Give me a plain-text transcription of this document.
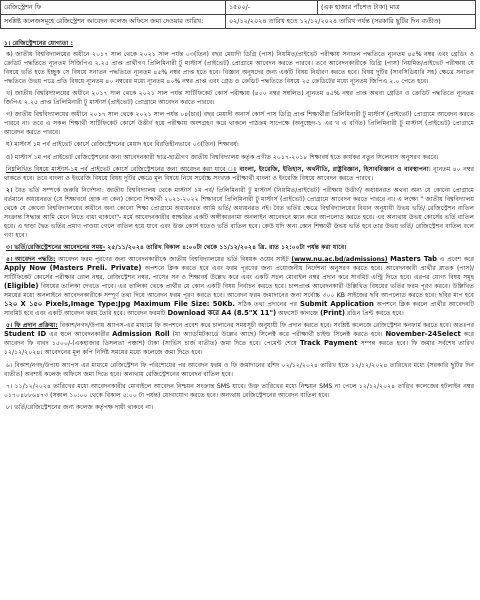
রেজিস্ট্রেশন ফি	১৫০০/-	(এক হাজার পাঁচশত টাকা) মাত্র
সংশ্লিষ্ট কলেজসমূহে রেজিস্ট্রেশন আবেদন কলেজ অফিসে জমা দেওয়ার তারিখ:	০২/১২/২০২৪ তারিখ হতে ১২/১২/২০২৪ তারিখ পর্যন্ত (সরকারি ছুটির দিন ব্যতীত)	
১। রেজিস্ট্রেশনের যোগ্যতা :
ক) জাতীয় বিশ্ববিদ্যালয়ের অধীনে ২০১৭ সাল থেকে ২০২১ সাল পর্যন্ত ০৩(তিন) বছর মেয়াদী ডিগ্রি (পাস) নিয়মিত/প্রাইভেট পরীক্ষায় সনাতন পদ্ধতিতে ন্যূনতম ৪৫% নম্বর এবং গ্রেডিং ও ক্রেডিট পদ্ধতিতে ন্যূনতম সিজিপিএ ২.২৫ প্রাপ্ত প্রার্থীগণ প্রিলিমিনারী টু মাস্টার্স (প্রাইভেট) প্রোগ্রামে আবেদন করতে পারবে। তবে আবেদনকারীকে ডিগ্রি (পাস) নিয়মিত/প্রাইভেট পরীক্ষায় যে বিষয়ে ভর্তি হতে ইচ্ছুক সে বিষয়ে সনাতন পদ্ধতিতে ন্যূনতম ৪৫% নম্বর প্রাপ্ত হতে হবে। বিজ্ঞান অনুষদের জন্য একটি বিষয় নির্ধারণ করতে হবে। বিষয় দুটির (সাবসিডিয়ারি সহ) ক্ষেত্রে সনাতন পদ্ধতিতে উভয় পত্রে প্রতি বিষয়ে ন্যূনতম ৪০ নম্বরের মধ্যে ন্যূনতম ৪০% নম্বর প্রাপ্ত এবং গ্রেড ও ক্রেডিট পদ্ধতিতে বিষয়ে ২৫ ক্রেডিটের মধ্যে ন্যূনতম জিপিএ ২.০ পেতে হবে।
খ) জাতীয় বিশ্ববিদ্যালয়ের অধীনে ২০১৭ সাল থেকে ২০২১ সাল পর্যন্ত সার্টিফিকেট কোর্স পরীক্ষায় (৪০০ নম্বর সম্বলিত) ন্যূনতম ৪৫% নম্বর প্রাপ্ত অথবা গ্রেডিং ও ক্রেডিট পদ্ধতিতে ন্যূনতম জিপিএ ২.২৫ প্রাপ্ত প্রিলিমিনারী টু মাস্টার্স (প্রাইভেট) প্রোগ্রামে আবেদন করতে পারবে।
গ) জাতীয় বিশ্ববিদ্যালয়ের অধীনে ২০১৭ সাল থেকে ২০২১ সাল পর্যন্ত ০৪(চার) বছর মেয়াদী অনার্স কোর্স পাস ডিগ্রি প্রাপ্ত শিক্ষার্থীরা প্রিলিমিনারী টু মাস্টার্স (প্রাইভেট) প্রোগ্রামে আবেদন করতে পারবে না। তবে এ সকল শিক্ষার্থী সার্টিফিকেট কোর্সে উত্তীর্ণ হয়ে পরীক্ষায় অংশগ্রহণ করে থাকলে পাঠক্রম সাপেক্ষে (অনুচ্ছেদ-১ এর খ এ বর্ণিত) প্রিলিমিনারী টু মাস্টার্স (প্রাইভেট) প্রোগ্রামে আবেদন করতে পারবে।
ঘ) মাস্টার্স ১ম পর্ব প্রাইভেট কোর্সে রেজিস্ট্রেশনের মেয়াদ হবে বিরতিহীনভাবে ০৩(তিন) শিক্ষাবর্ষ।
ঙ) মাস্টার্স ১ম পর্ব প্রাইভেট রেজিস্ট্রেশনের জন্য আবেদনকারী ছাত্র-ছাত্রীগণ জাতীয় বিশ্ববিদ্যালয় কর্তৃক প্রণীত ২০১৭-২০১৮ শিক্ষাবর্ষ হতে কার্যকর নতুন সিলেবাস অনুসরণ করবে।
নিম্নলিখিত বিষয়ে মাস্টার্স-১ম পর্ব প্রাইভেট কোর্সে রেজিস্ট্রেশনের জন্য আবেদন করা যাবে ঃ বাংলা, ইংরেজি, ইতিহাস, অর্থনীতি, রাষ্ট্রবিজ্ঞান, হিসাববিজ্ঞান ও ব্যবস্থাপনা। ন্যূনতম ৪০ নম্বর থাকতে হবে। তবে বাংলা ও ইংরেজি বিষয়ে বিষয় দুটির ক্ষেত্রে মূল বিষয়ে নিয়ে সর্বোচ্চ সংখ্যক পরীক্ষার্থী বাংলা ও ইংরেজি বিষয়ে আবেদন করতে পারবে।
২। বৈত ভর্তি সম্পর্কে জরুরি নির্দেশনা: জাতীয় বিশ্ববিদ্যালয় থেকে মাস্টার্স ১ম পর্ব/ প্রিলিমিনারী টু মাস্টার্স (নিয়মিত/প্রাইভেট) পরীক্ষায় উত্তীর্ণ/ অধ্যয়নরত অথবা অন্য যে কোনো প্রোগ্রামে বর্তমানে অধ্যয়নরত (যে শিক্ষাবর্ষে হোক না কেন) কোনো শিক্ষার্থী ২০২১-২০২২ শিক্ষাবর্ষে প্রিলিমিনারী টু মাস্টার্স (প্রাইভেট) প্রোগ্রামে আবেদন করতে পারবে না। এ লক্ষ্যে " জাতীয় বিশ্ববিদ্যালয় থেকে যে কোনো বিশ্ববিদ্যালয়ের অধীনে অন্য কোনো শিক্ষা প্রোগ্রামে অধ্যয়নরত আমি ভর্তি/ অধ্যয়নরত নই। বৈত ভর্তির ক্ষেত্রে বিশ্ববিদ্যালয়ের বিধান অনুযায়ী উভয় ভর্তি/ রেজিস্ট্রেশন বাতিল সংক্রান্ত সিদ্ধান্ত আমি মেনে নিতে বাধ্য থাকবো"- মর্মে আবেদনকারীর স্বাক্ষরিত একটি অঙ্গীকারনামা অনলাইন আবেদনে স্ক্যান করে আপলোড করতে হবে। এর অন্যথায় উভয় কোর্সের ভর্তি বাতিল হবে। এ ছাড়া দ্বৈত ভর্তির প্রমাণ পাওয়া গেলে বাতিল হয়ে যাবে এবং উক্ত কোর্স হতেও ভর্তি বাতিল হবে। কেউ যদি অন্য কোন শিক্ষার্থী উভয় ভর্তি হবে তার উভয় ভর্তি/ রেজিস্ট্রেশন বাতিল বলে গণ্য হবে।
৩। ভর্তি/রেজিস্ট্রেশনের আবেদনের সময়- ২৫/১১/২০২৪ তারিখ বিকাল ৪:০০টা থেকে ১১/১২/২০২৪ খ্রি. রাত ১২:০০টা পর্যন্ত করা যাবে।
৪। আবেদন পদ্ধতি: আবেদন ফরম পূরণের জন্য আবেদনকারীকে জাতীয় বিশ্ববিদ্যালয়ের ভর্তি বিষয়ক ওয়েব সাইট (www.nu.ac.bd/admissions) Masters Tab এ প্রবেশ করে Apply Now (Masters Preli. Private) অপশনে ক্লিক করতে হবে এবং ফরম পূরণের জন্য প্রয়োজনীয় নির্দেশনা অনুসরণ করতে হবে। আবেদনকারী প্রার্থীর স্নাতক (পাস)/সার্টিফিকেট কোর্সের পরীক্ষার রোল নম্বর, রেজিস্ট্রেশন নম্বর, পাসের সন ও শিক্ষাবর্ষ উল্লেখ করে এবং একটি সচল মোবাইল নম্বর প্রদান করে সাবমিট এন্ট্রি দিতে হবে। এরপর যোগ্য বিষয় সমূহ (Eligible) বিষয়ের তালিকা দেখতে পাবে। এর তালিকা থেকে প্রার্থীর যে কোন একটি বিষয় নির্বাচন করতে হবে। চান্সপ্রাপ্ত আবেদনকারী উল্লিখিত বিষয়ের ভর্তির ফরম পূরণ করবে। উল্লিখিত সময়ের মধ্যে অনলাইনে আবেদনকারীকে সম্পূর্ণ তথ্য দিয়ে আবেদন ফরম পূরণ করতে হবে। আবেদন ফরম জমাদানের জন্য সর্বোচ্চ ৩০০ KB সাইজের ছবি আপলোড করতে হবে। ছবির মাপ হবে ১২০ X ১৫০ Pixels,Image Type:Jpg Maximum File Size: 50Kb. সঠিক তথ্য প্রদানের পর Submit Application অপশনে ক্লিক করলে প্রার্থীর আবেদনটি সাবমিট হবে এবং একটি আবেদন ফরম তৈরি হবে। আবেদন ফরমটি Download করে A4 (8.5"X 11") অফসেট কাগজে (Print) রঙিন প্রিন্ট করতে হবে।
৫। ফি প্রদান প্রক্রিয়া: বিকাশ/নগদ/উপায় অ্যাপস-এর মাধ্যমে ফি অপশনে প্রবেশ করে চালানের সময়সূচী অনুযায়ী ফি প্রদান করতে হবে। সংশ্লিষ্ট কলেজে রেজিস্ট্রেশন কনফার্ম করতে হবে। অতঃপর Student ID এর স্থলে আবেদনকারীর Admission Roll (যা অ্যাডমিটকার্ডে উল্লেখ আছে) সিলেক্ট করে পরীক্ষার্থী চাইল্ড সিলেক্ট করতে হবে। November-24Select করে আবেদন ফি বাবদ ১৫০০/-(একহাজার ডিসলতা পঞ্চাশ) টাকা (সার্ভিস চার্জ ব্যতীত) জমা দিতে হবে। পেমেন্ট শেষে Track Payment সম্পন্ন করতে হবে। ফি জমার সর্বশেষ তারিখ ১২/১২/২০২৪। আবেদনের মূল কপি নির্দিষ্ট সময়ের মধ্যে কলেজে জমা দিতে হবে।
৬। বিকাশ/নগদ/উপায় অ্যাপস এর মাধ্যমে রেজিস্ট্রেশন ফি পরিশোধের পর আবেদন ফরম ও ফি জমাদানের রশিদ ০২/১২/২০২৪ তারিখ হতে ১২/১২/২০২৪ তারিখের মধ্যে (সরকারি ছুটির দিন ব্যতীত) অবশ্যই কলেজ অফিসে জমা দিতে হবে। অন্যথায় রেজিস্ট্রেশনের আবেদন বাতিল হবে।
৭। ১১/১২/২০২৪ তারিখের মধ্যে আবেদনকারীর মোবাইলে আবেদন নিশ্চয়ন সংক্রান্ত SMS যাবে। উক্ত তারিখের মধ্যে নিশ্চয়ন SMS না পেলে ১২/১২/২০২৪ তারিখ কলেজের হটলাইন নম্বর ০১৭০৪৮৮৬৪৭৩ (সকাল ১০:০০ থেকে বিকাল ৫:০০ টা পর্যন্ত) যোগাযোগ করতে হবে। অন্যথায় রেজিস্ট্রেশনের আবেদন বাতিল হবে।
৮। ভর্তি/রেজিস্ট্রেশনের জন্য কলেজ কর্তৃপক্ষ দায়ী থাকবে না।
